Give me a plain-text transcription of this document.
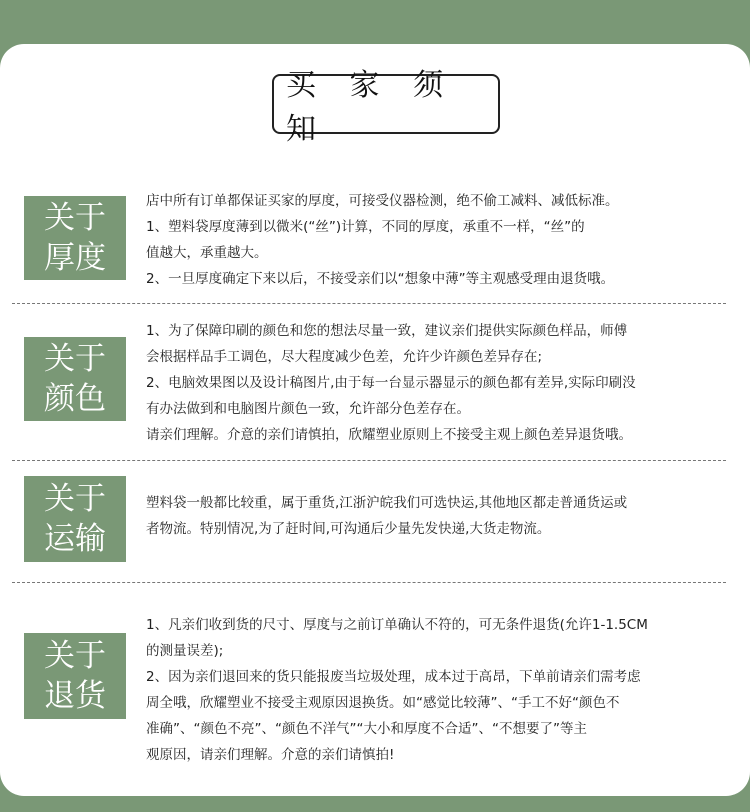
买 家 须 知
关于
厚度

店中所有订单都保证买家的厚度，可接受仪器检测，绝不偷工减料、减低标准。

1、塑料袋厚度薄到以微米(“丝”)计算，不同的厚度，承重不一样，“丝”的

值越大，承重越大。

2、一旦厚度确定下来以后，不接受亲们以“想象中薄”等主观感受理由退货哦。

关于
颜色

1、为了保障印刷的颜色和您的想法尽量一致，建议亲们提供实际颜色样品，师傅

会根据样品手工调色，尽大程度减少色差，允许少许颜色差异存在;

2、电脑效果图以及设计稿图片,由于每一台显示器显示的颜色都有差异,实际印刷没

有办法做到和电脑图片颜色一致，允许部分色差存在。

请亲们理解。介意的亲们请慎拍，欣耀塑业原则上不接受主观上颜色差异退货哦。

关于
运输

塑料袋一般都比较重，属于重货,江浙沪皖我们可选快运,其他地区都走普通货运或

者物流。特别情况,为了赶时间,可沟通后少量先发快递,大货走物流。

关于
退货

1、凡亲们收到货的尺寸、厚度与之前订单确认不符的，可无条件退货(允许1-1.5CM

的测量误差);

2、因为亲们退回来的货只能报废当垃圾处理，成本过于高昂，下单前请亲们需考虑

周全哦，欣耀塑业不接受主观原因退换货。如“感觉比较薄”、“手工不好“颜色不

准确”、“颜色不亮”、“颜色不洋气”“大小和厚度不合适”、“不想要了”等主

观原因，请亲们理解。介意的亲们请慎拍!
